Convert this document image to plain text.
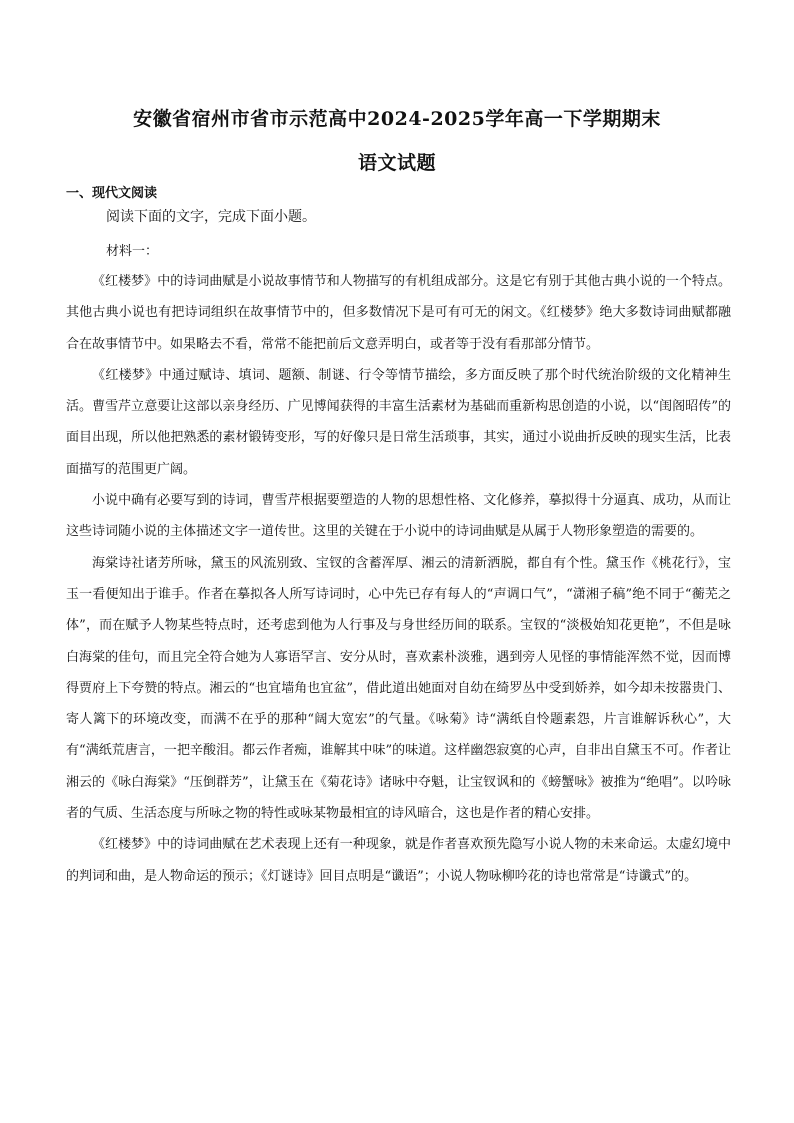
安徽省宿州市省市示范高中2024-2025学年高一下学期期末
语文试题
一、现代文阅读
阅读下面的文字，完成下面小题。
材料一：

《红楼梦》中的诗词曲赋是小说故事情节和人物描写的有机组成部分。这是它有别于其他古典小说的一个特点。其他古典小说也有把诗词组织在故事情节中的，但多数情况下是可有可无的闲文。《红楼梦》绝大多数诗词曲赋都融合在故事情节中。如果略去不看，常常不能把前后文意弄明白，或者等于没有看那部分情节。

《红楼梦》中通过赋诗、填词、题额、制谜、行令等情节描绘，多方面反映了那个时代统治阶级的文化精神生活。曹雪芹立意要让这部以亲身经历、广见博闻获得的丰富生活素材为基础而重新构思创造的小说，以“闺阁昭传”的面目出现，所以他把熟悉的素材锻铸变形，写的好像只是日常生活琐事，其实，通过小说曲折反映的现实生活，比表面描写的范围更广阔。

小说中确有必要写到的诗词，曹雪芹根据要塑造的人物的思想性格、文化修养，摹拟得十分逼真、成功，从而让这些诗词随小说的主体描述文字一道传世。这里的关键在于小说中的诗词曲赋是从属于人物形象塑造的需要的。

海棠诗社诸芳所咏，黛玉的风流别致、宝钗的含蓄浑厚、湘云的清新洒脱，都自有个性。黛玉作《桃花行》，宝玉一看便知出于谁手。作者在摹拟各人所写诗词时，心中先已存有每人的“声调口气”，“潇湘子稿”绝不同于“蘅芜之体”，而在赋予人物某些特点时，还考虑到他为人行事及与身世经历间的联系。宝钗的“淡极始知花更艳”，不但是咏白海棠的佳句，而且完全符合她为人寡语罕言、安分从时，喜欢素朴淡雅，遇到旁人见怪的事情能浑然不觉，因而博得贾府上下夸赞的特点。湘云的“也宜墙角也宜盆”，借此道出她面对自幼在绮罗丛中受到娇养，如今却未按嚣贵门、寄人篱下的环境改变，而满不在乎的那种“阔大宽宏”的气量。《咏菊》诗“满纸自怜题素怨，片言谁解诉秋心”，大有“满纸荒唐言，一把辛酸泪。都云作者痴，谁解其中味”的味道。这样幽怨寂寞的心声，自非出自黛玉不可。作者让湘云的《咏白海棠》“压倒群芳”，让黛玉在《菊花诗》诸咏中夺魁，让宝钗讽和的《螃蟹咏》被推为“绝唱”。以吟咏者的气质、生活态度与所咏之物的特性或咏某物最相宜的诗风暗合，这也是作者的精心安排。

《红楼梦》中的诗词曲赋在艺术表现上还有一种现象，就是作者喜欢预先隐写小说人物的未来命运。太虚幻境中的判词和曲，是人物命运的预示；《灯谜诗》回目点明是“谶语”；小说人物咏柳吟花的诗也常常是“诗谶式”的。
